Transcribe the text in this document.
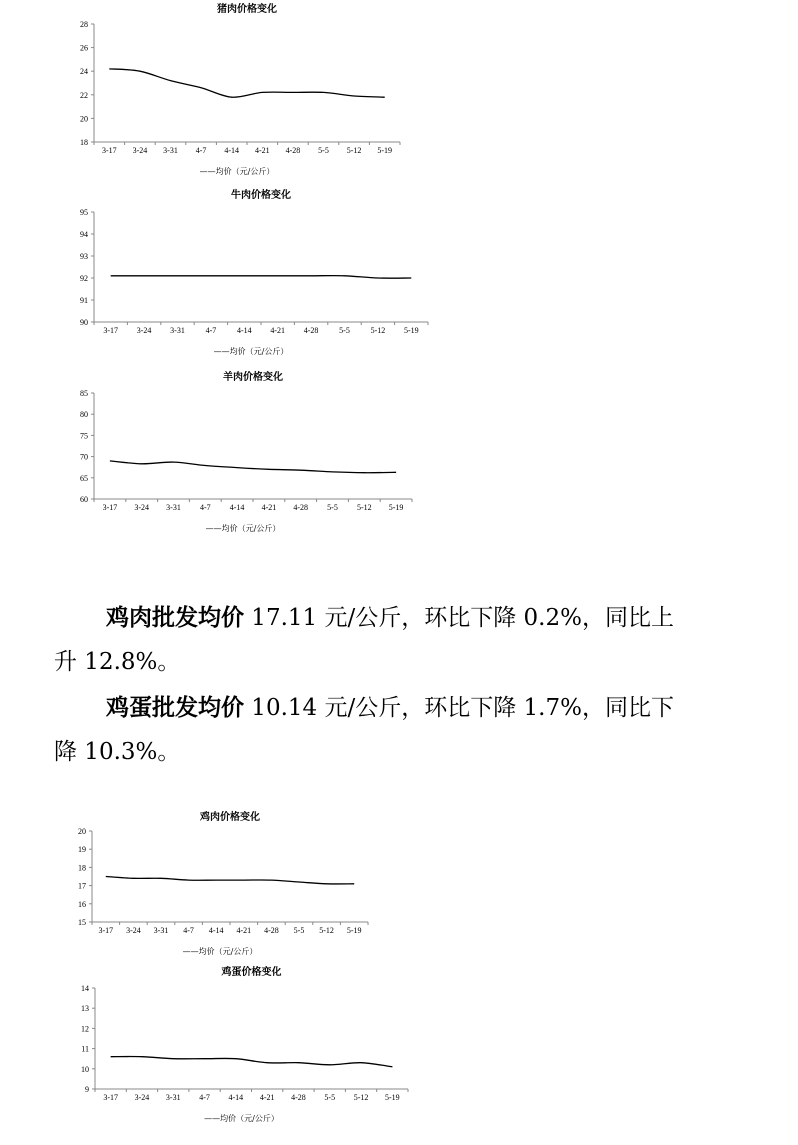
猪肉价格变化
18
20
22
24
26
28
3-17 3-24 3-31 4-7 4-14 4-21 4-28 5-5 5-12 5-19
——均价（元/公斤）
牛肉价格变化
90
91
92
93
94
95
3-17 3-24 3-31	4-7	4-14 4-21 4-28	5-5	5-12 5-19
——均价（元/公斤）
羊肉价格变化
60
65
70
75
80
85
3-17 3-24 3-31 4-7 4-14 4-21 4-28 5-5 5-12 5-19
——均价（元/公斤）
鸡肉价格变化
15
16
17
18
19
20
3-17 3-24 3-31 4-7 4-14 4-21 4-28 5-5 5-12 5-19
——均价（元/公斤）
鸡蛋价格变化
9
10
11
12
13
14
3-17 3-24 3-31 4-7 4-14 4-21 4-28 5-5 5-12 5-19
——均价（元/公斤）
鸡肉批发均价 17.11 元/公斤，环比下降 0.2%，同比上
升 12.8%。
鸡蛋批发均价 10.14 元/公斤，环比下降 1.7%，同比下
降 10.3%。
